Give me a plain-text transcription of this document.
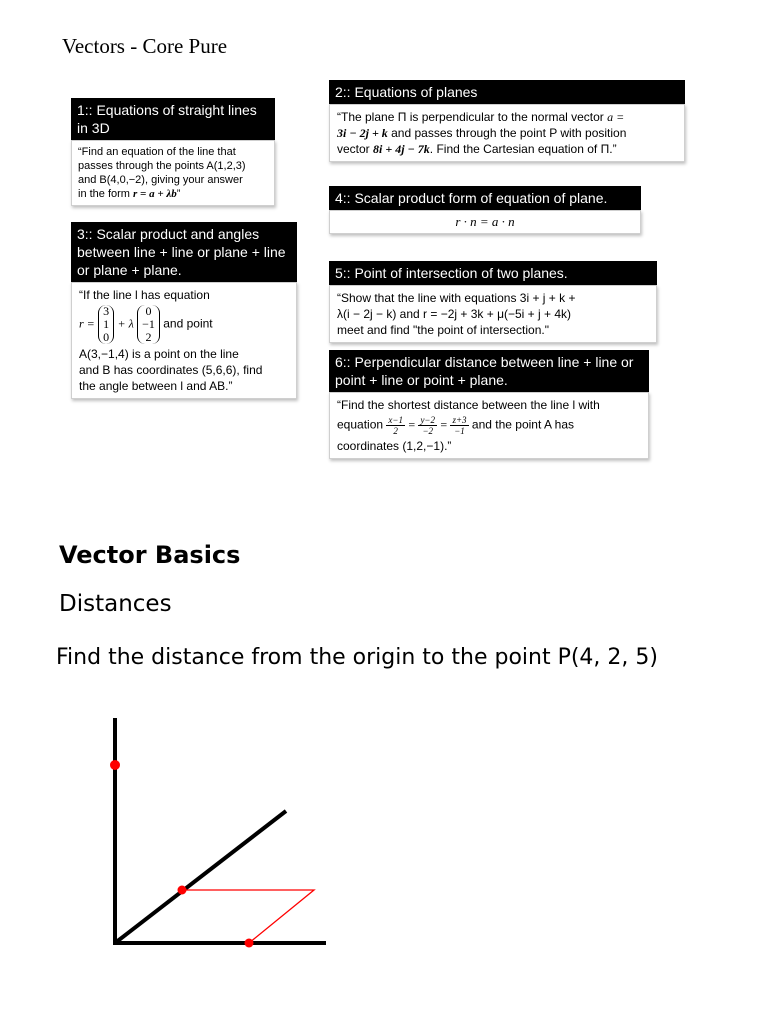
Vectors - Core Pure
1:: Equations of straight lines in 3D
“Find an equation of the line that
passes through the points A(1,2,3)
and B(4,0,−2), giving your answer
in the form r = a + λb”
2:: Equations of planes
“The plane Π is perpendicular to the normal vector a =
3i − 2j + k and passes through the point P with position
vector 8i + 4j − 7k. Find the Cartesian equation of Π.”
3:: Scalar product and angles between line + line or plane + line or plane + plane.
“If the line l has equation
r =
3
1
0
+ λ
0
−1
2
and point
A(3,−1,4) is a point on the line
and B has coordinates (5,6,6), find
the angle between l and AB.”
4:: Scalar product form of equation of plane.
r · n = a · n
5:: Point of intersection of two planes.
“Show that the line with equations 3i + j + k +
λ(i − 2j − k) and r = −2j + 3k + μ(−5i + j + 4k)
meet and find "the point of intersection."
6:: Perpendicular distance between line + line or point + line or point + plane.
“Find the shortest distance between the line l with
equation $\frac{x-1}{2} = \frac{y-2}{-2} = \frac{z+3}{-1}$ and the point A has
coordinates (1,2,−1).”
Vector Basics
Distances
Find the distance from the origin to the point P(4, 2, 5)
